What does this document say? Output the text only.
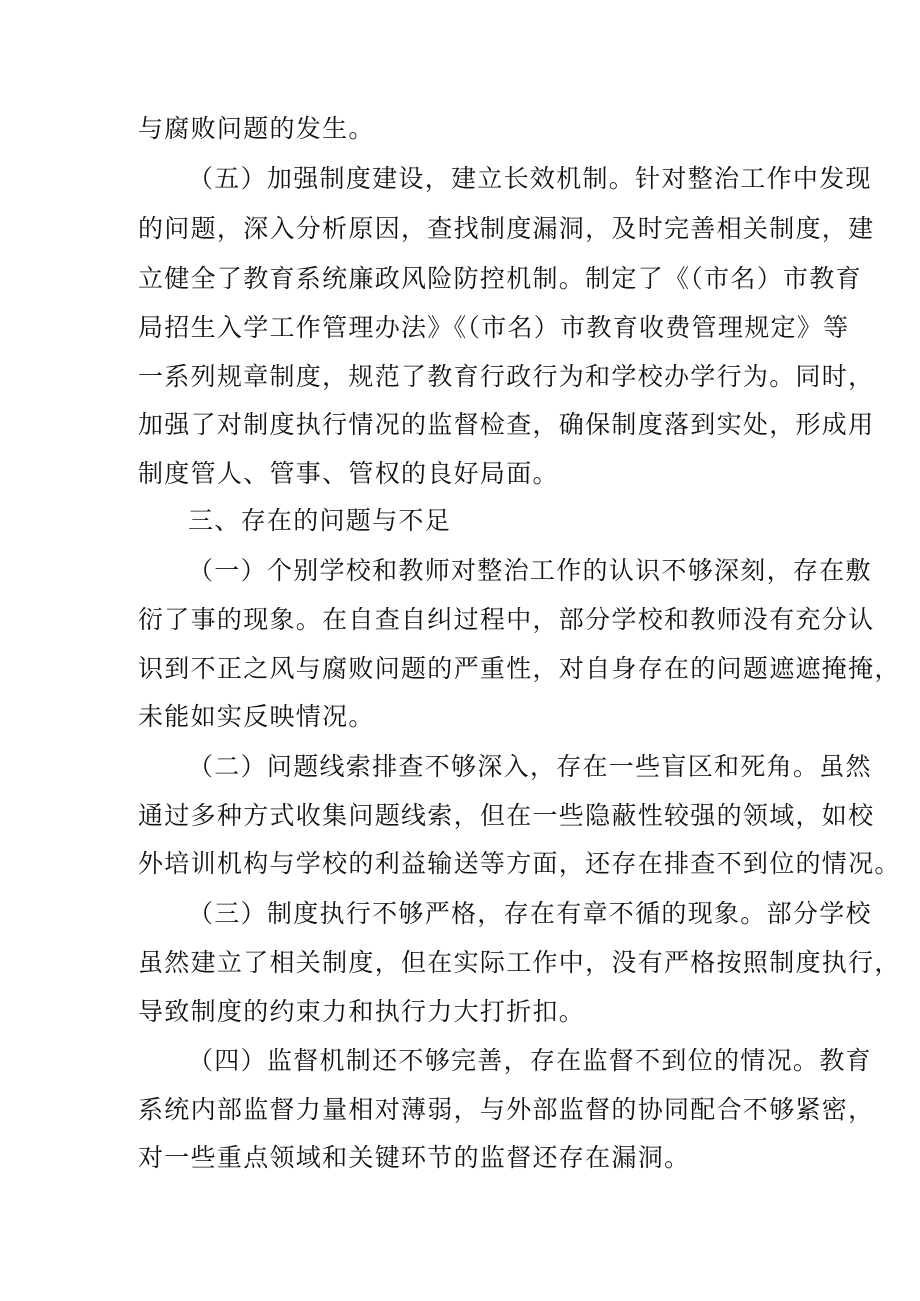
与腐败问题的发生。
（五）加强制度建设，建立长效机制。针对整治工作中发现
的问题，深入分析原因，查找制度漏洞，及时完善相关制度，建
立健全了教育系统廉政风险防控机制。制定了《（市名）市教育
局招生入学工作管理办法》《（市名）市教育收费管理规定》等
一系列规章制度，规范了教育行政行为和学校办学行为。同时，
加强了对制度执行情况的监督检查，确保制度落到实处，形成用
制度管人、管事、管权的良好局面。
三、存在的问题与不足
（一）个别学校和教师对整治工作的认识不够深刻，存在敷
衍了事的现象。在自查自纠过程中，部分学校和教师没有充分认
识到不正之风与腐败问题的严重性，对自身存在的问题遮遮掩掩，
未能如实反映情况。
（二）问题线索排查不够深入，存在一些盲区和死角。虽然
通过多种方式收集问题线索，但在一些隐蔽性较强的领域，如校
外培训机构与学校的利益输送等方面，还存在排查不到位的情况。
（三）制度执行不够严格，存在有章不循的现象。部分学校
虽然建立了相关制度，但在实际工作中，没有严格按照制度执行，
导致制度的约束力和执行力大打折扣。
（四）监督机制还不够完善，存在监督不到位的情况。教育
系统内部监督力量相对薄弱，与外部监督的协同配合不够紧密，
对一些重点领域和关键环节的监督还存在漏洞。
